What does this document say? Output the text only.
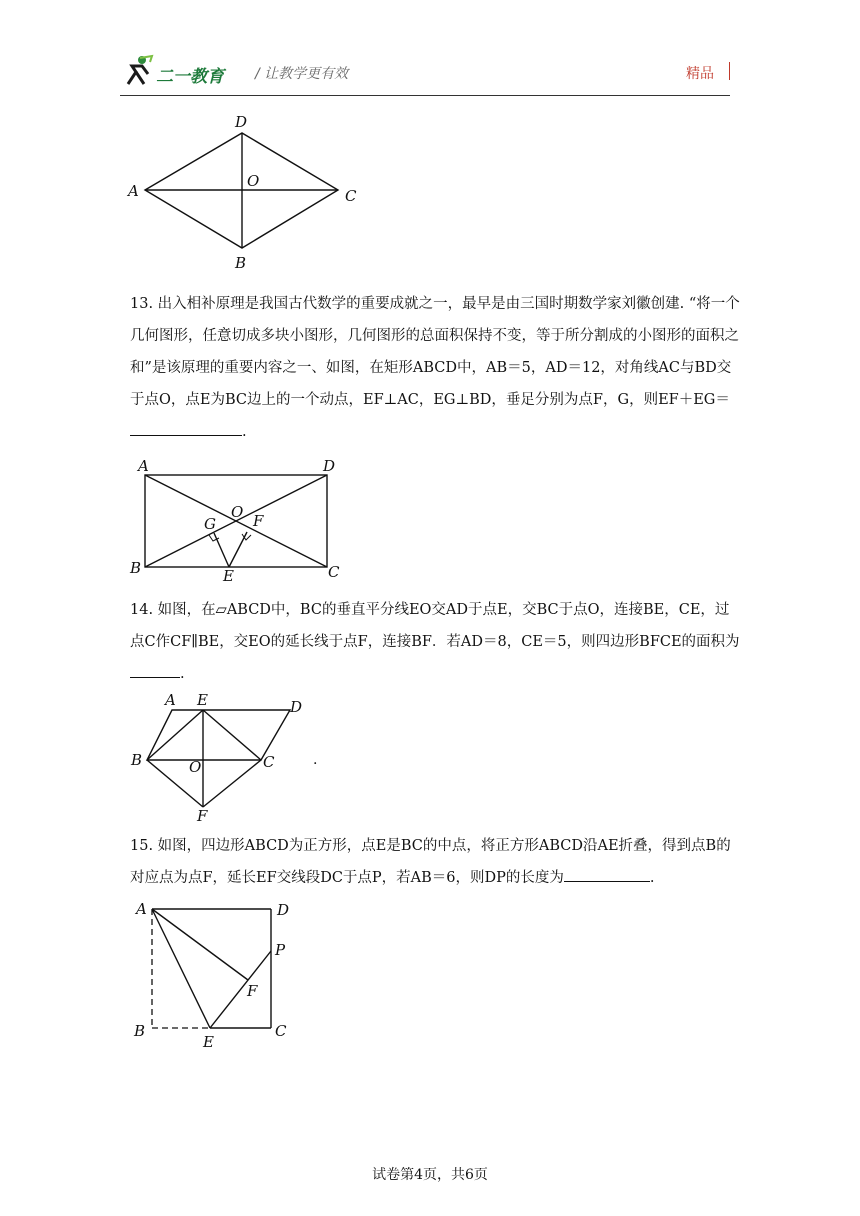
二一教育 / 让教学更有效	精品
D
O
A	C
B
13. 出入相补原理是我国古代数学的重要成就之一，最早是由三国时期数学家刘徽创建. “将一个几何图形，任意切成多块小图形，几何图形的总面积保持不变，等于所分割成的小图形的面积之和”是该原理的重要内容之一、如图，在矩形ABCD中，AB＝5，AD＝12，对角线AC与BD交于点O，点E为BC边上的一个动点，EF⊥AC，EG⊥BD，垂足分别为点F，G，则EF＋EG＝.
A	D
O
G F
B	E	C
14. 如图，在▱ABCD中，BC的垂直平分线EO交AD于点E，交BC于点O，连接BE，CE，过点C作CF∥BE，交EO的延长线于点F，连接BF．若AD＝8，CE＝5，则四边形BFCE的面积为.
A E	D
B	O	C
F
.
15. 如图，四边形ABCD为正方形，点E是BC的中点，将正方形ABCD沿AE折叠，得到点B的对应点为点F，延长EF交线段DC于点P，若AB＝6，则DP的长度为	.
A	D
P
F
B
E
C
试卷第4页，共6页
